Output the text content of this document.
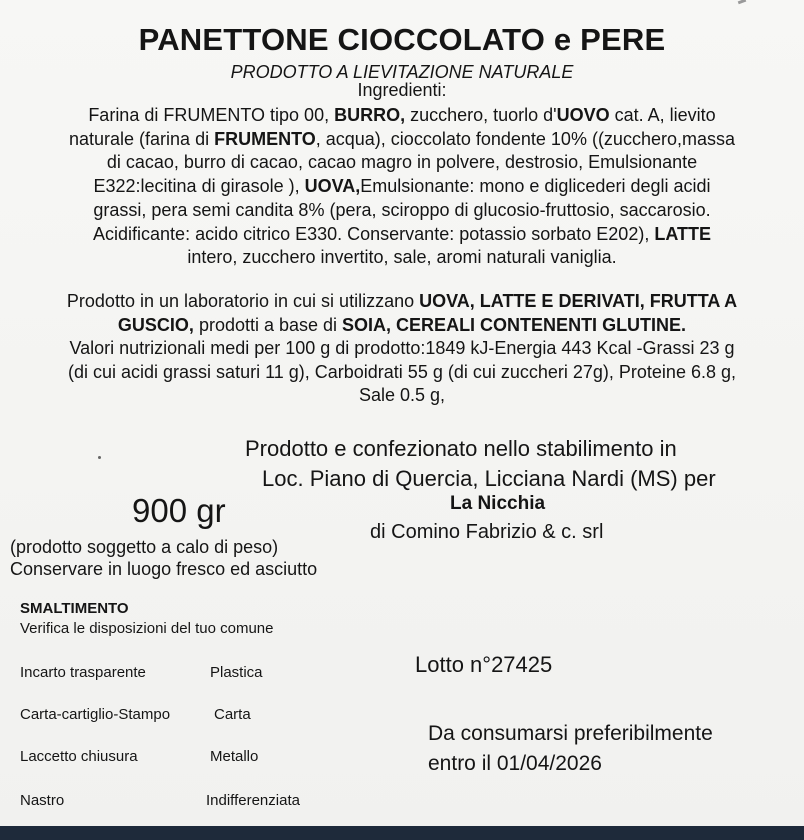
PANETTONE CIOCCOLATO e PERE
PRODOTTO A LIEVITAZIONE NATURALE
Ingredienti:
Farina di FRUMENTO tipo 00, BURRO, zucchero, tuorlo d'UOVO cat. A, lievito
naturale (farina di FRUMENTO, acqua), cioccolato fondente 10% ((zucchero,massa
di cacao, burro di cacao, cacao magro in polvere, destrosio, Emulsionante
E322:lecitina di girasole ), UOVA,Emulsionante: mono e diglicederi degli acidi
grassi, pera semi candita 8% (pera, sciroppo di glucosio-fruttosio, saccarosio.
Acidificante: acido citrico E330. Conservante: potassio sorbato E202), LATTE
intero, zucchero invertito, sale, aromi naturali vaniglia.
Prodotto in un laboratorio in cui si utilizzano UOVA, LATTE E DERIVATI, FRUTTA A
GUSCIO, prodotti a base di SOIA, CEREALI CONTENENTI GLUTINE.
Valori nutrizionali medi per 100 g di prodotto:1849 kJ-Energia 443 Kcal -Grassi 23 g
(di cui acidi grassi saturi 11 g), Carboidrati 55 g (di cui zuccheri 27g), Proteine 6.8 g,
Sale 0.5 g,
Prodotto e confezionato nello stabilimento in
Loc. Piano di Quercia, Licciana Nardi (MS) per
La Nicchia
di Comino Fabrizio & c. srl
900 gr
(prodotto soggetto a calo di peso)
Conservare in luogo fresco ed asciutto
SMALTIMENTO
Verifica le disposizioni del tuo comune
Incarto trasparente	Plastica
Carta-cartiglio-Stampo	Carta
Laccetto chiusura	Metallo
Nastro	Indifferenziata
Lotto n°27425
Da consumarsi preferibilmente
entro il 01/04/2026
